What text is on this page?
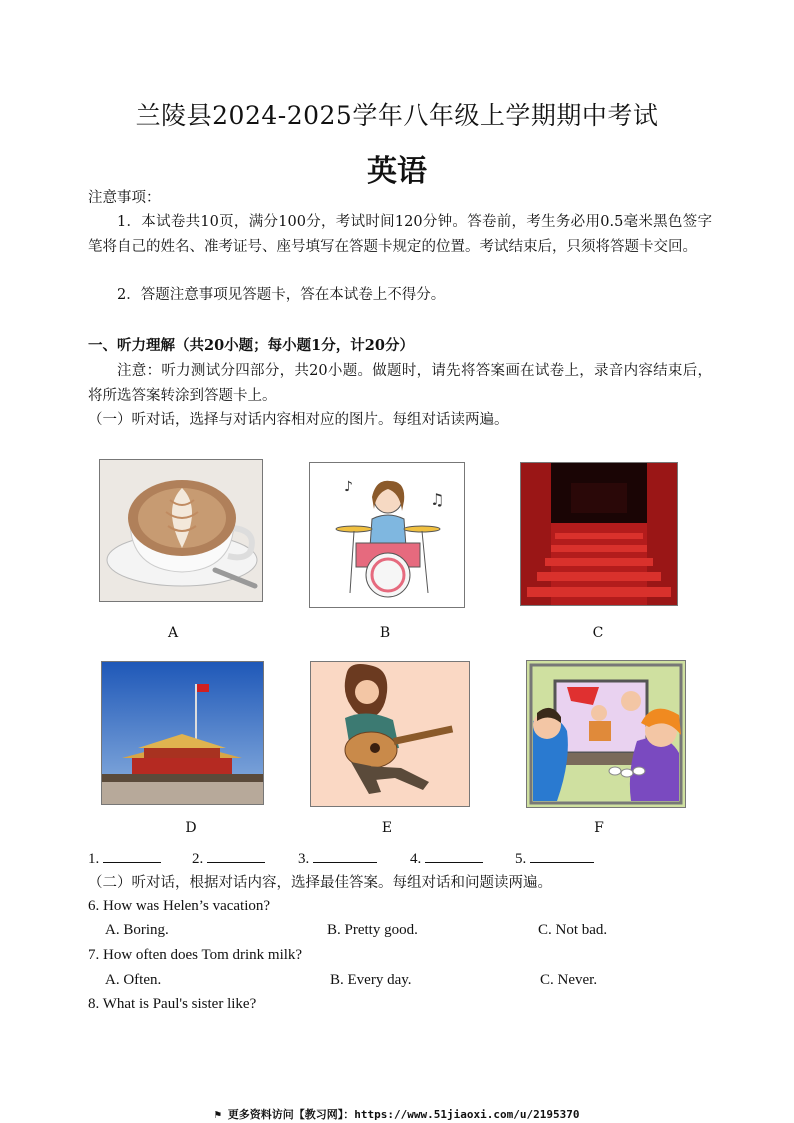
兰陵县2024-2025学年八年级上学期期中考试
英语
注意事项：
1．本试卷共10页，满分100分，考试时间120分钟。答卷前，考生务必用0.5毫米黑色签字笔将自己的姓名、准考证号、座号填写在答题卡规定的位置。考试结束后，只须将答题卡交回。
2．答题注意事项见答题卡，答在本试卷上不得分。
一、听力理解（共20小题；每小题1分，计20分）
注意：听力测试分四部分，共20小题。做题时，请先将答案画在试卷上，录音内容结束后，将所选答案转涂到答题卡上。
（一）听对话，选择与对话内容相对应的图片。每组对话读两遍。
A
♪
♫
B	C
D	E	F
1.	2.	3.	4.	5.
（二）听对话，根据对话内容，选择最佳答案。每组对话和问题读两遍。
6. How was Helen’s vacation?
A. Boring.	B. Pretty good.	C. Not bad.
7. How often does Tom drink milk?
A. Often.	B. Every day.	C. Never.
8. What is Paul's sister like?
⚑ 更多资料访问【教习网】：https://www.51jiaoxi.com/u/2195370
